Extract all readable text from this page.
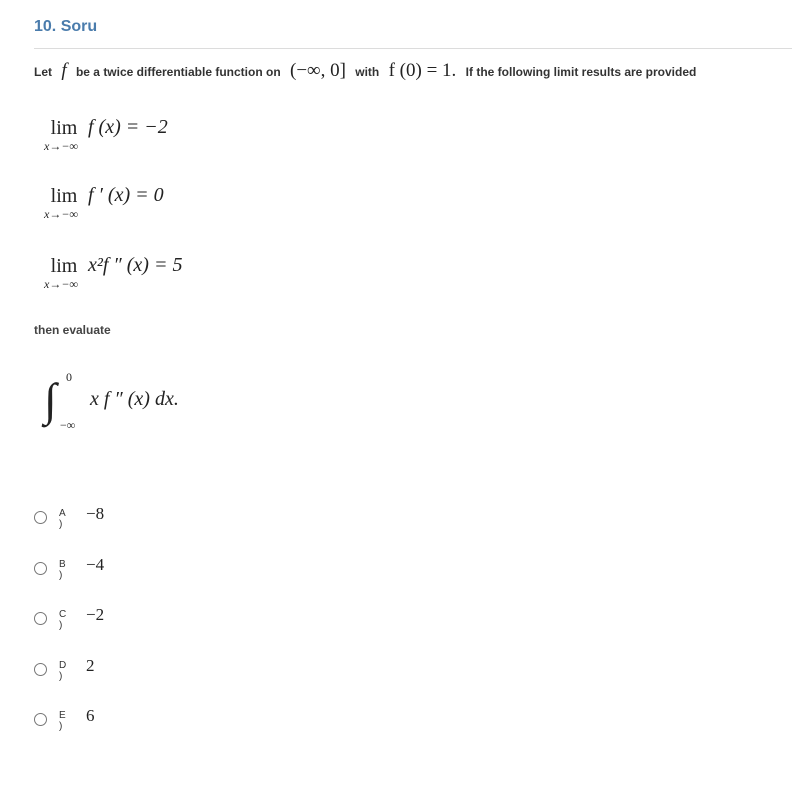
10. Soru
Let f be a twice differentiable function on (−∞, 0] with f (0) = 1. If the following limit results are provided
lim
x→−∞
f (x) = −2
lim
x→−∞
f ′ (x) = 0
lim
x→−∞
x²f ″ (x) = 5
then evaluate
∫ 0
−∞
x f ″ (x) dx.
A )
−8
B )
−4
C )
−2
D )
2
E )
6
